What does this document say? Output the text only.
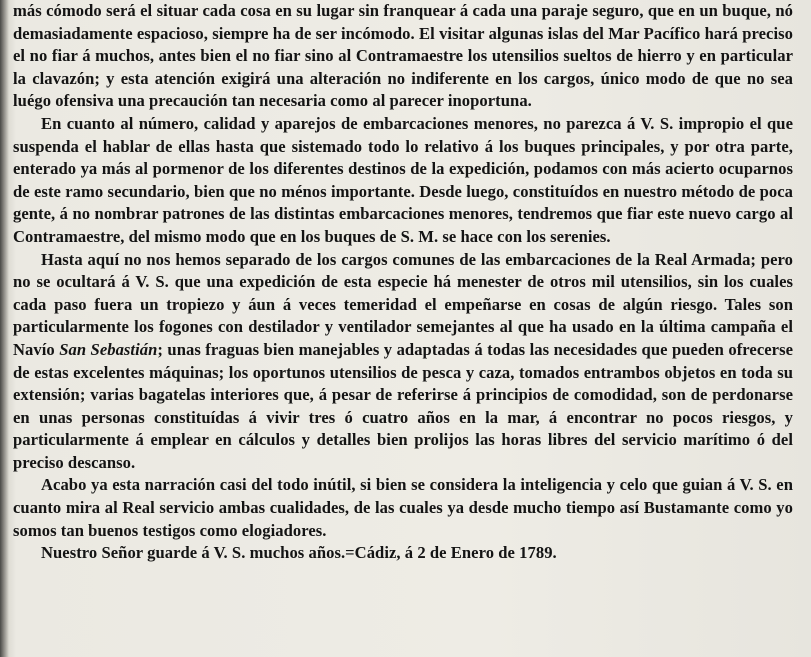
más cómodo será el situar cada cosa en su lugar sin franquear á cada una paraje seguro, que en un buque, nó demasiadamente espacioso, siempre ha de ser incómodo. El visitar algunas islas del Mar Pacífico hará preciso el no fiar á muchos, antes bien el no fiar sino al Contramaestre los utensilios sueltos de hierro y en particular la clavazón; y esta atención exigirá una alteración no indiferente en los cargos, único modo de que no sea luégo ofensiva una precaución tan necesaria como al parecer inoportuna.

En cuanto al número, calidad y aparejos de embarcaciones menores, no parezca á V. S. impropio el que suspenda el hablar de ellas hasta que sistemado todo lo relativo á los buques principales, y por otra parte, enterado ya más al pormenor de los diferentes destinos de la expedición, podamos con más acierto ocuparnos de este ramo secundario, bien que no ménos importante. Desde luego, constituídos en nuestro método de poca gente, á no nombrar patrones de las distintas embarcaciones menores, tendremos que fiar este nuevo cargo al Contramaestre, del mismo modo que en los buques de S. M. se hace con los serenies.

Hasta aquí no nos hemos separado de los cargos comunes de las embarcaciones de la Real Armada; pero no se ocultará á V. S. que una expedición de esta especie há menester de otros mil utensilios, sin los cuales cada paso fuera un tropiezo y áun á veces temeridad el empeñarse en cosas de algún riesgo. Tales son particularmente los fogones con destilador y ventilador semejantes al que ha usado en la última campaña el Navío San Sebastián; unas fraguas bien manejables y adaptadas á todas las necesidades que pueden ofrecerse de estas excelentes máquinas; los oportunos utensilios de pesca y caza, tomados entrambos objetos en toda su extensión; varias bagatelas interiores que, á pesar de referirse á principios de comodidad, son de perdonarse en unas personas constituídas á vivir tres ó cuatro años en la mar, á encontrar no pocos riesgos, y particularmente á emplear en cálculos y detalles bien prolijos las horas libres del servicio marítimo ó del preciso descanso.

Acabo ya esta narración casi del todo inútil, si bien se considera la inteligencia y celo que guian á V. S. en cuanto mira al Real servicio ambas cualidades, de las cuales ya desde mucho tiempo así Bustamante como yo somos tan buenos testigos como elogiadores.

Nuestro Señor guarde á V. S. muchos años.=Cádiz, á 2 de Enero de 1789.
